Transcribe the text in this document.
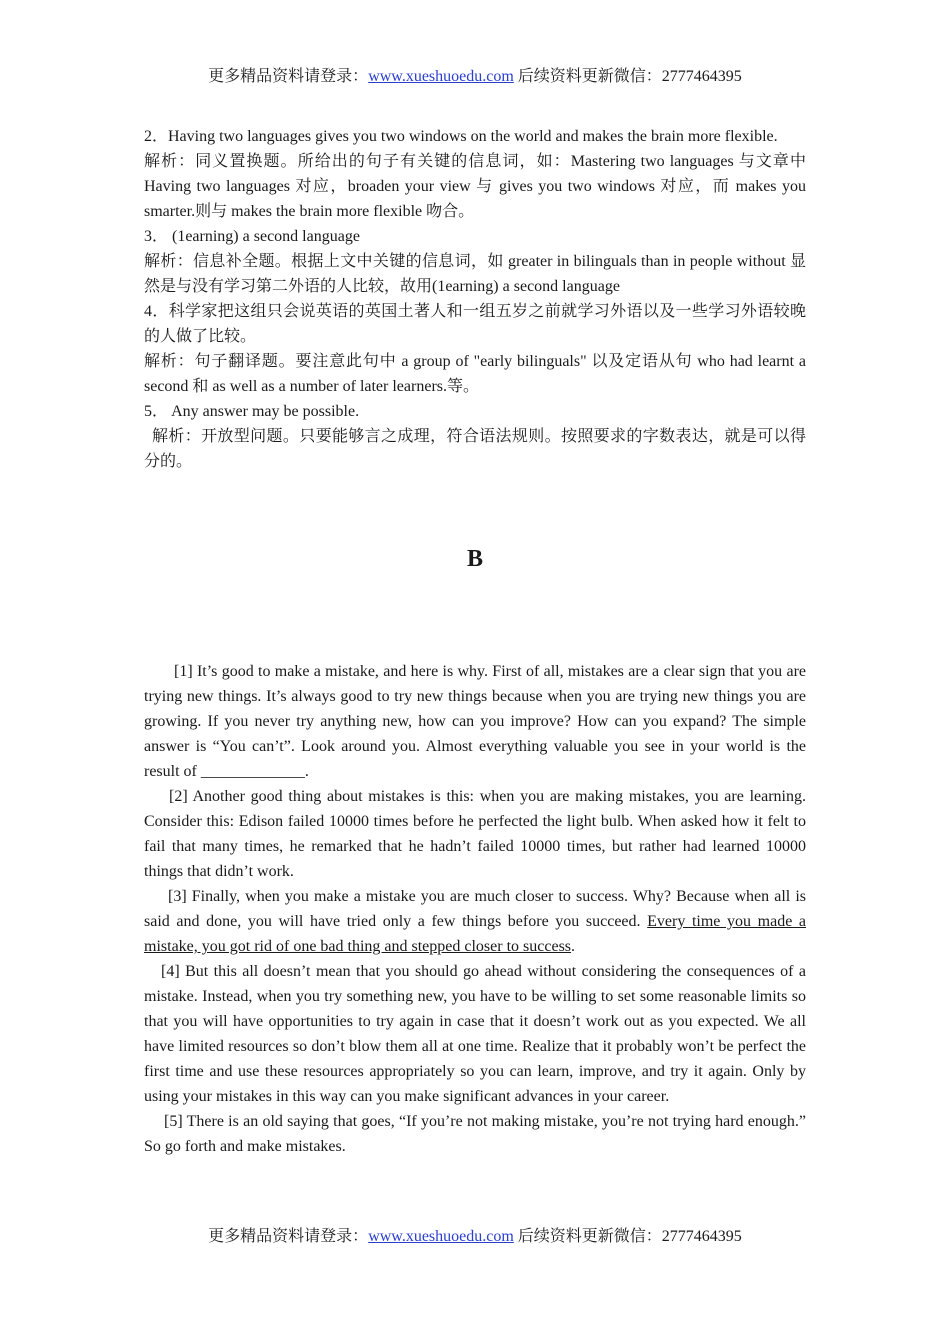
更多精品资料请登录：www.xueshuoedu.com 后续资料更新微信：2777464395

2．Having two languages gives you two windows on the world and makes the brain more flexible.

解析：同义置换题。所给出的句子有关键的信息词，如：Mastering two languages 与文章中 Having two languages 对应，broaden your view 与 gives you two windows 对应，而 makes you smarter.则与 makes the brain more flexible 吻合。

3． (1earning) a second language

解析：信息补全题。根据上文中关键的信息词，如 greater in bilinguals than in people without 显然是与没有学习第二外语的人比较，故用(1earning) a second language

4．科学家把这组只会说英语的英国土著人和一组五岁之前就学习外语以及一些学习外语较晚的人做了比较。

解析：句子翻译题。要注意此句中 a group of "early bilinguals" 以及定语从句 who had learnt a second 和 as well as a number of later learners.等。

5． Any answer may be possible.

解析：开放型问题。只要能够言之成理，符合语法规则。按照要求的字数表达，就是可以得分的。

B

[1] It’s good to make a mistake, and here is why. First of all, mistakes are a clear sign that you are trying new things. It’s always good to try new things because when you are trying new things you are growing. If you never try anything new, how can you improve? How can you expand? The simple answer is “You can’t”. Look around you. Almost everything valuable you see in your world is the result of _____________.

[2] Another good thing about mistakes is this: when you are making mistakes, you are learning. Consider this: Edison failed 10000 times before he perfected the light bulb. When asked how it felt to fail that many times, he remarked that he hadn’t failed 10000 times, but rather had learned 10000 things that didn’t work.

[3] Finally, when you make a mistake you are much closer to success. Why? Because when all is said and done, you will have tried only a few things before you succeed. Every time you made a mistake, you got rid of one bad thing and stepped closer to success.

[4] But this all doesn’t mean that you should go ahead without considering the consequences of a mistake. Instead, when you try something new, you have to be willing to set some reasonable limits so that you will have opportunities to try again in case that it doesn’t work out as you expected. We all have limited resources so don’t blow them all at one time. Realize that it probably won’t be perfect the first time and use these resources appropriately so you can learn, improve, and try it again. Only by using your mistakes in this way can you make significant advances in your career.

[5] There is an old saying that goes, “If you’re not making mistake, you’re not trying hard enough.” So go forth and make mistakes.

更多精品资料请登录：www.xueshuoedu.com 后续资料更新微信：2777464395
